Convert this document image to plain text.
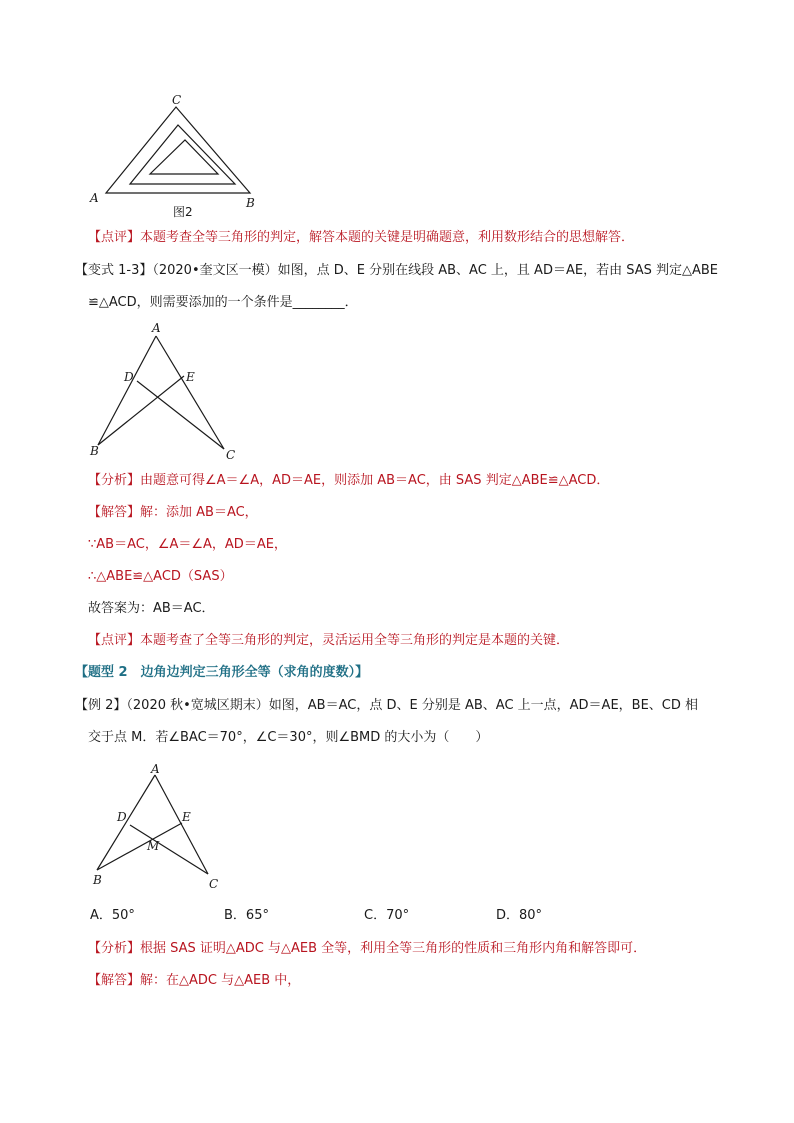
C
A	B
图2
【点评】本题考查全等三角形的判定，解答本题的关键是明确题意，利用数形结合的思想解答．
【变式 1-3】（2020•奎文区一模）如图，点 D、E 分别在线段 AB、AC 上，且 AD＝AE，若由 SAS 判定△ABE
≌△ACD，则需要添加的一个条件是________．
A
D	E
B	C
【分析】由题意可得∠A＝∠A，AD＝AE，则添加 AB＝AC，由 SAS 判定△ABE≌△ACD．
【解答】解：添加 AB＝AC，
∵AB＝AC，∠A＝∠A，AD＝AE，
∴△ABE≌△ACD（SAS）
故答案为：AB＝AC．
【点评】本题考查了全等三角形的判定，灵活运用全等三角形的判定是本题的关键．
【题型 2　边角边判定三角形全等（求角的度数）】
【例 2】（2020 秋•宽城区期末）如图，AB＝AC，点 D、E 分别是 AB、AC 上一点，AD＝AE，BE、CD 相
交于点 M．若∠BAC＝70°，∠C＝30°，则∠BMD 的大小为（　　）
A
D	E
M
B	C
A．50°	B．65°	C．70°	D．80°
【分析】根据 SAS 证明△ADC 与△AEB 全等，利用全等三角形的性质和三角形内角和解答即可．
【解答】解：在△ADC 与△AEB 中，
